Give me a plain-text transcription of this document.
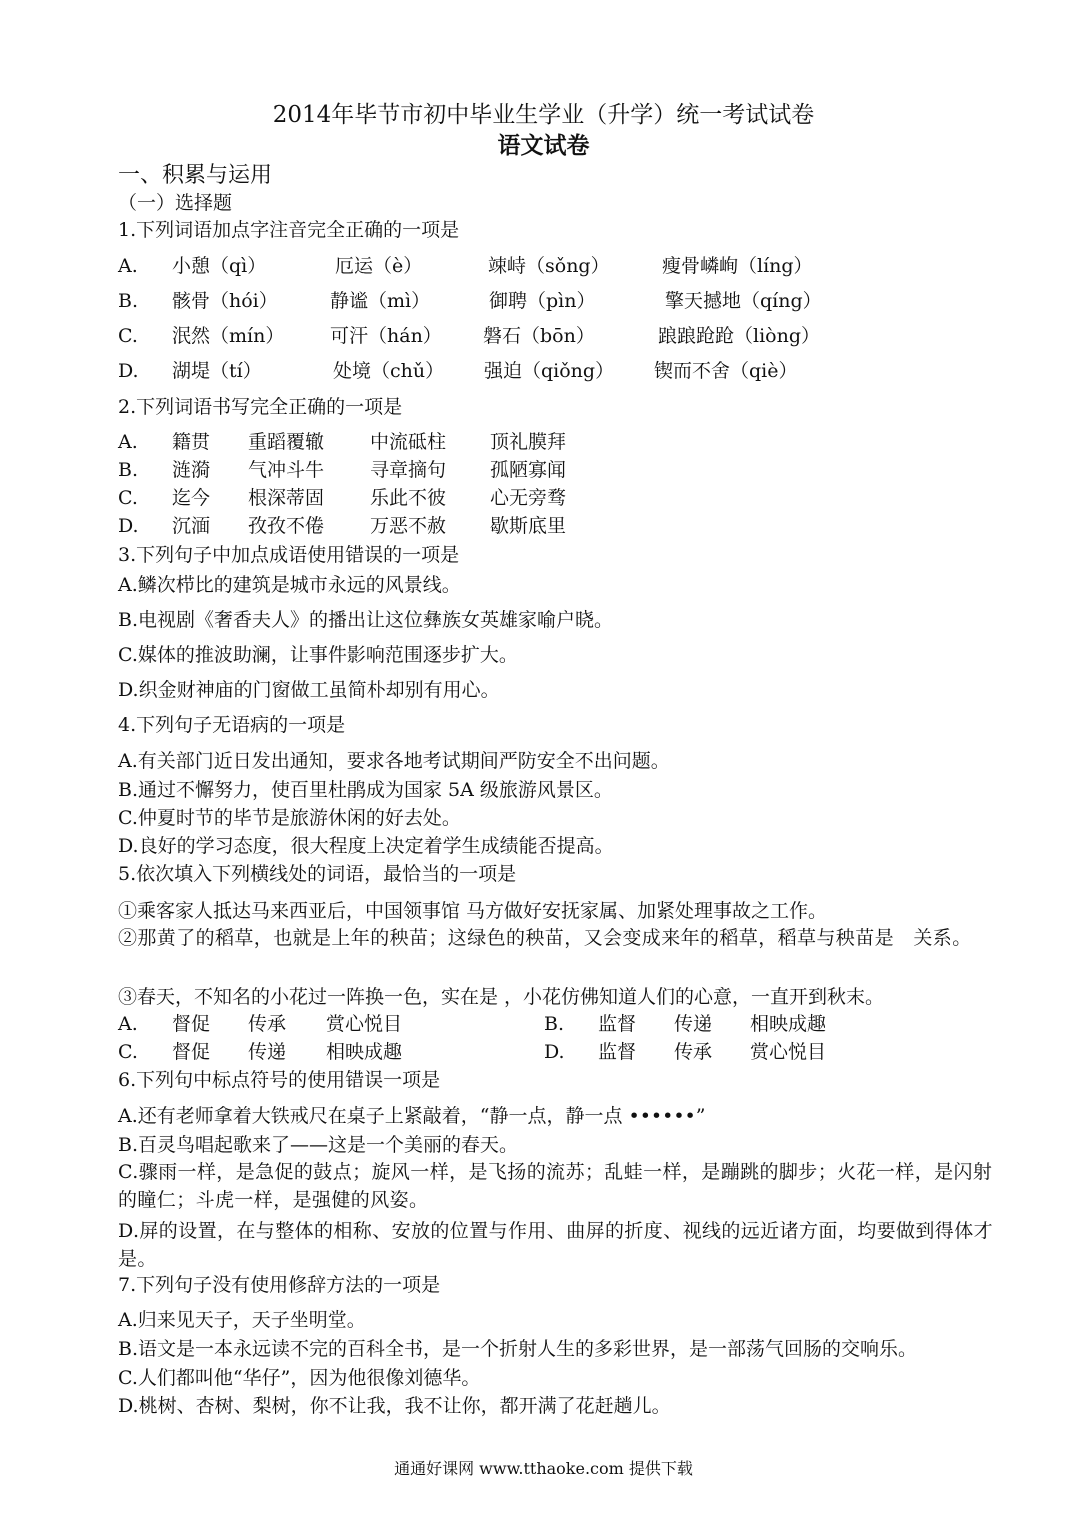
2014年毕节市初中毕业生学业（升学）统一考试试卷
语文试卷
一、积累与运用
（一）选择题
1.下列词语加点字注音完全正确的一项是
A. 小憩（qì）	厄运（è）	竦峙（sǒng）	瘦骨嶙峋（líng）
B. 骸骨（hói）	静谧（mì）	御聘（pìn）	擎天撼地（qíng）
C. 泯然（mín） 可汗（hán） 磐石（bōn）	踉踉跄跄（liòng）
D. 湖堤（tí）	处境（chǔ） 强迫（qiǒng） 锲而不舍（qiè）
2.下列词语书写完全正确的一项是
A. 籍贯 重蹈覆辙 中流砥柱 顶礼膜拜
B. 涟漪 气冲斗牛 寻章摘句 孤陋寡闻
C. 迄今 根深蒂固 乐此不彼 心无旁骛
D. 沉湎 孜孜不倦 万恶不赦 歇斯底里
3.下列句子中加点成语使用错误的一项是
A.鳞次栉比的建筑是城市永远的风景线。
B.电视剧《奢香夫人》的播出让这位彝族女英雄家喻户晓。
C.媒体的推波助澜，让事件影响范围逐步扩大。
D.织金财神庙的门窗做工虽简朴却别有用心。
4.下列句子无语病的一项是
A.有关部门近日发出通知，要求各地考试期间严防安全不出问题。
B.通过不懈努力，使百里杜鹃成为国家 5A 级旅游风景区。
C.仲夏时节的毕节是旅游休闲的好去处。
D.良好的学习态度，很大程度上决定着学生成绩能否提高。
5.依次填入下列横线处的词语，最恰当的一项是
①乘客家人抵达马来西亚后，中国领事馆 马方做好安抚家属、加紧处理事故之工作。
②那黄了的稻草，也就是上年的秧苗；这绿色的秧苗，又会变成来年的稻草，稻草与秧苗是　关系。
③春天，不知名的小花过一阵换一色，实在是 ，小花仿佛知道人们的心意，一直开到秋末。
A. 督促 传承 赏心悦目	B. 监督 传递 相映成趣
C. 督促 传递 相映成趣	D. 监督 传承 赏心悦目
6.下列句中标点符号的使用错误一项是
A.还有老师拿着大铁戒尺在桌子上紧敲着，“静一点，静一点 ••••••”
B.百灵鸟唱起歌来了——这是一个美丽的春天。
C.骤雨一样，是急促的鼓点；旋风一样，是飞扬的流苏；乱蛙一样，是蹦跳的脚步；火花一样，是闪射的瞳仁；斗虎一样，是强健的风姿。
D.屏的设置，在与整体的相称、安放的位置与作用、曲屏的折度、视线的远近诸方面，均要做到得体才是。
7.下列句子没有使用修辞方法的一项是
A.归来见天子，天子坐明堂。
B.语文是一本永远读不完的百科全书，是一个折射人生的多彩世界，是一部荡气回肠的交响乐。
C.人们都叫他“华仔”，因为他很像刘德华。
D.桃树、杏树、梨树，你不让我，我不让你，都开满了花赶趟儿。
通通好课网 www.tthaoke.com 提供下载
